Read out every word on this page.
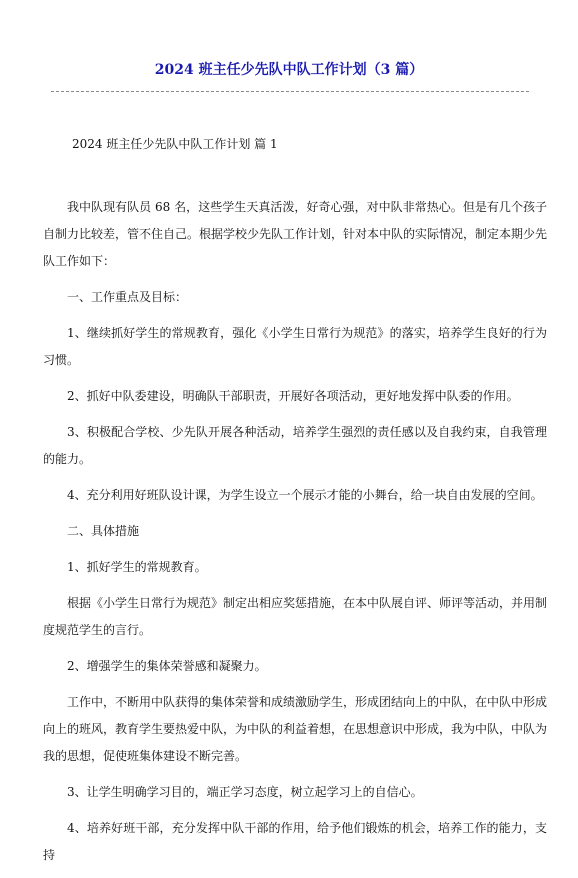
2024 班主任少先队中队工作计划（3 篇）
2024 班主任少先队中队工作计划 篇 1

我中队现有队员 68 名，这些学生天真活泼，好奇心强，对中队非常热心。但是有几个孩子自制力比较差，管不住自己。根据学校少先队工作计划，针对本中队的实际情况，制定本期少先队工作如下：

一、工作重点及目标：

1、继续抓好学生的常规教育，强化《小学生日常行为规范》的落实，培养学生良好的行为习惯。

2、抓好中队委建设，明确队干部职责，开展好各项活动，更好地发挥中队委的作用。

3、积极配合学校、少先队开展各种活动，培养学生强烈的责任感以及自我约束，自我管理的能力。

4、充分利用好班队设计课，为学生设立一个展示才能的小舞台，给一块自由发展的空间。

二、具体措施

1、抓好学生的常规教育。

根据《小学生日常行为规范》制定出相应奖惩措施，在本中队展自评、师评等活动，并用制度规范学生的言行。

2、增强学生的集体荣誉感和凝聚力。

工作中，不断用中队获得的集体荣誉和成绩激励学生，形成团结向上的中队，在中队中形成向上的班风，教育学生要热爱中队，为中队的利益着想，在思想意识中形成，我为中队，中队为我的思想，促使班集体建设不断完善。

3、让学生明确学习目的，端正学习态度，树立起学习上的自信心。

4、培养好班干部，充分发挥中队干部的作用，给予他们锻炼的机会，培养工作的能力，支持
